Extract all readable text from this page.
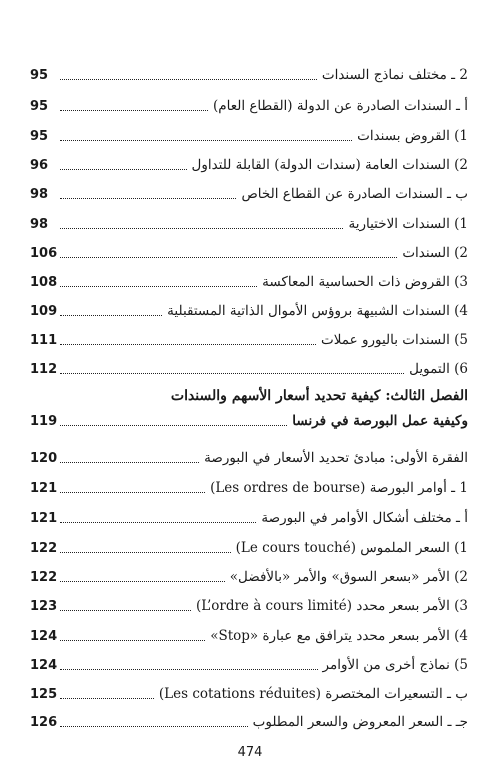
95	2 ـ مختلف نماذج السندات
95	أ ـ السندات الصادرة عن الدولة (القطاع العام)
95	1) القروض بسندات
96	2) السندات العامة (سندات الدولة) القابلة للتداول
98	ب ـ السندات الصادرة عن القطاع الخاص
98	1) السندات الاختيارية
106	2) السندات
108	3) القروض ذات الحساسية المعاكسة
109	4) السندات الشبيهة بروؤس الأموال الذاتية المستقبلية
111	5) السندات باليورو عملات
112	6) التمويل
الفصل الثالث: كيفية تحديد أسعار الأسهم والسندات
119	وكيفية عمل البورصة في فرنسا
120	الفقرة الأولى: مبادئ تحديد الأسعار في البورصة
121	1 ـ أوامر البورصة (Les ordres de bourse)
121	أ ـ مختلف أشكال الأوامر في البورصة
122	1) السعر الملموس (Le cours touché)
122	2) الأمر «بسعر السوق» والأمر «بالأفضل»
123	3) الأمر بسعر محدد (L’ordre à cours limité)
124	4) الأمر بسعر محدد يترافق مع عبارة «Stop»
124	5) نماذج أخرى من الأوامر
125	ب ـ التسعيرات المختصرة (Les cotations réduites)
126	جـ ـ السعر المعروض والسعر المطلوب
474
